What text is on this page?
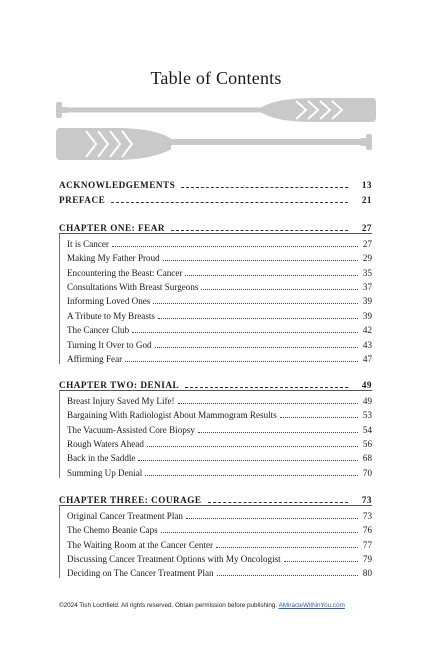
Table of Contents
ACKNOWLEDGEMENTS	13
PREFACE	21
CHAPTER ONE: FEAR	27
It is Cancer	27
Making My Father Proud	29
Encountering the Beast: Cancer	35
Consultations With Breast Surgeons	37
Informing Loved Ones	39
A Tribute to My Breasts	39
The Cancer Club	42
Turning It Over to God	43
Affirming Fear	47
CHAPTER TWO: DENIAL	49
Breast Injury Saved My Life!	49
Bargaining With Radiologist About Mammogram Results	53
The Vacuum-Assisted Core Biopsy	54
Rough Waters Ahead	56
Back in the Saddle	68
Summing Up Denial	70
CHAPTER THREE: COURAGE	73
Original Cancer Treatment Plan	73
The Chemo Beanie Caps	76
The Waiting Room at the Cancer Center	77
Discussing Cancer Treatment Options with My Oncologist	79
Deciding on The Cancer Treatment Plan	80
©2024 Tish Lochfield. All rights reserved. Obtain permission before publishing. AMiracleWithinYou.com
